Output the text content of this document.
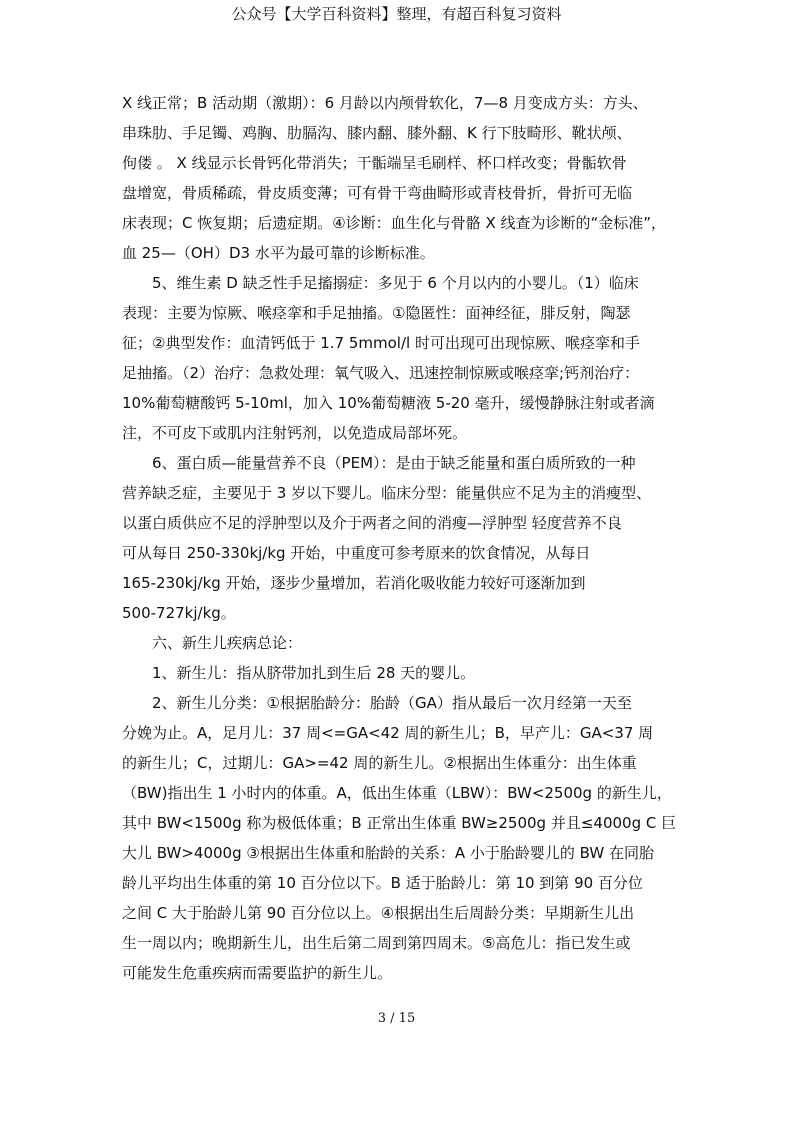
公众号【大学百科资料】整理，有超百科复习资料
X 线正常；B 活动期（激期）：6 月龄以内颅骨软化，7—8 月变成方头：方头、
串珠肋、手足镯、鸡胸、肋膈沟、膝内翻、膝外翻、K 行下肢畸形、靴状颅、
佝偻 。 X 线显示长骨钙化带消失；干骺端呈毛刷样、杯口样改变；骨骺软骨
盘增宽，骨质稀疏，骨皮质变薄；可有骨干弯曲畸形或青枝骨折，骨折可无临
床表现；C 恢复期；后遗症期。④诊断：血生化与骨骼 X 线查为诊断的“金标准”，
血 25—（OH）D3 水平为最可靠的诊断标准。
5、维生素 D 缺乏性手足搐搦症：多见于 6 个月以内的小婴儿。（1）临床
表现：主要为惊厥、喉痉挛和手足抽搐。①隐匿性：面神经征，腓反射，陶瑟
征；②典型发作：血清钙低于 1.7 5mmol/l 时可出现可出现惊厥、喉痉挛和手
足抽搐。（2）治疗：急救处理：氧气吸入、迅速控制惊厥或喉痉挛;钙剂治疗：
10%葡萄糖酸钙 5-10ml，加入 10%葡萄糖液 5-20 毫升，缓慢静脉注射或者滴
注，不可皮下或肌内注射钙剂，以免造成局部坏死。
6、蛋白质—能量营养不良（PEM）：是由于缺乏能量和蛋白质所致的一种
营养缺乏症，主要见于 3 岁以下婴儿。临床分型：能量供应不足为主的消瘦型、
以蛋白质供应不足的浮肿型以及介于两者之间的消瘦—浮肿型 轻度营养不良
可从每日 250-330kj/kg 开始，中重度可参考原来的饮食情况，从每日
165-230kj/kg 开始，逐步少量增加，若消化吸收能力较好可逐渐加到
500-727kj/kg。
六、新生儿疾病总论：
1、新生儿：指从脐带加扎到生后 28 天的婴儿。
2、新生儿分类：①根据胎龄分：胎龄（GA）指从最后一次月经第一天至
分娩为止。A，足月儿：37 周<=GA<42 周的新生儿；B，早产儿：GA<37 周
的新生儿；C，过期儿：GA>=42 周的新生儿。②根据出生体重分：出生体重
（BW)指出生 1 小时内的体重。A，低出生体重（LBW）：BW<2500g 的新生儿，
其中 BW<1500g 称为极低体重；B 正常出生体重 BW≥2500g 并且≤4000g C 巨
大儿 BW>4000g ③根据出生体重和胎龄的关系：A 小于胎龄婴儿的 BW 在同胎
龄儿平均出生体重的第 10 百分位以下。B 适于胎龄儿：第 10 到第 90 百分位
之间 C 大于胎龄儿第 90 百分位以上。④根据出生后周龄分类：早期新生儿出
生一周以内；晚期新生儿，出生后第二周到第四周末。⑤高危儿：指已发生或
可能发生危重疾病而需要监护的新生儿。
3 / 15
